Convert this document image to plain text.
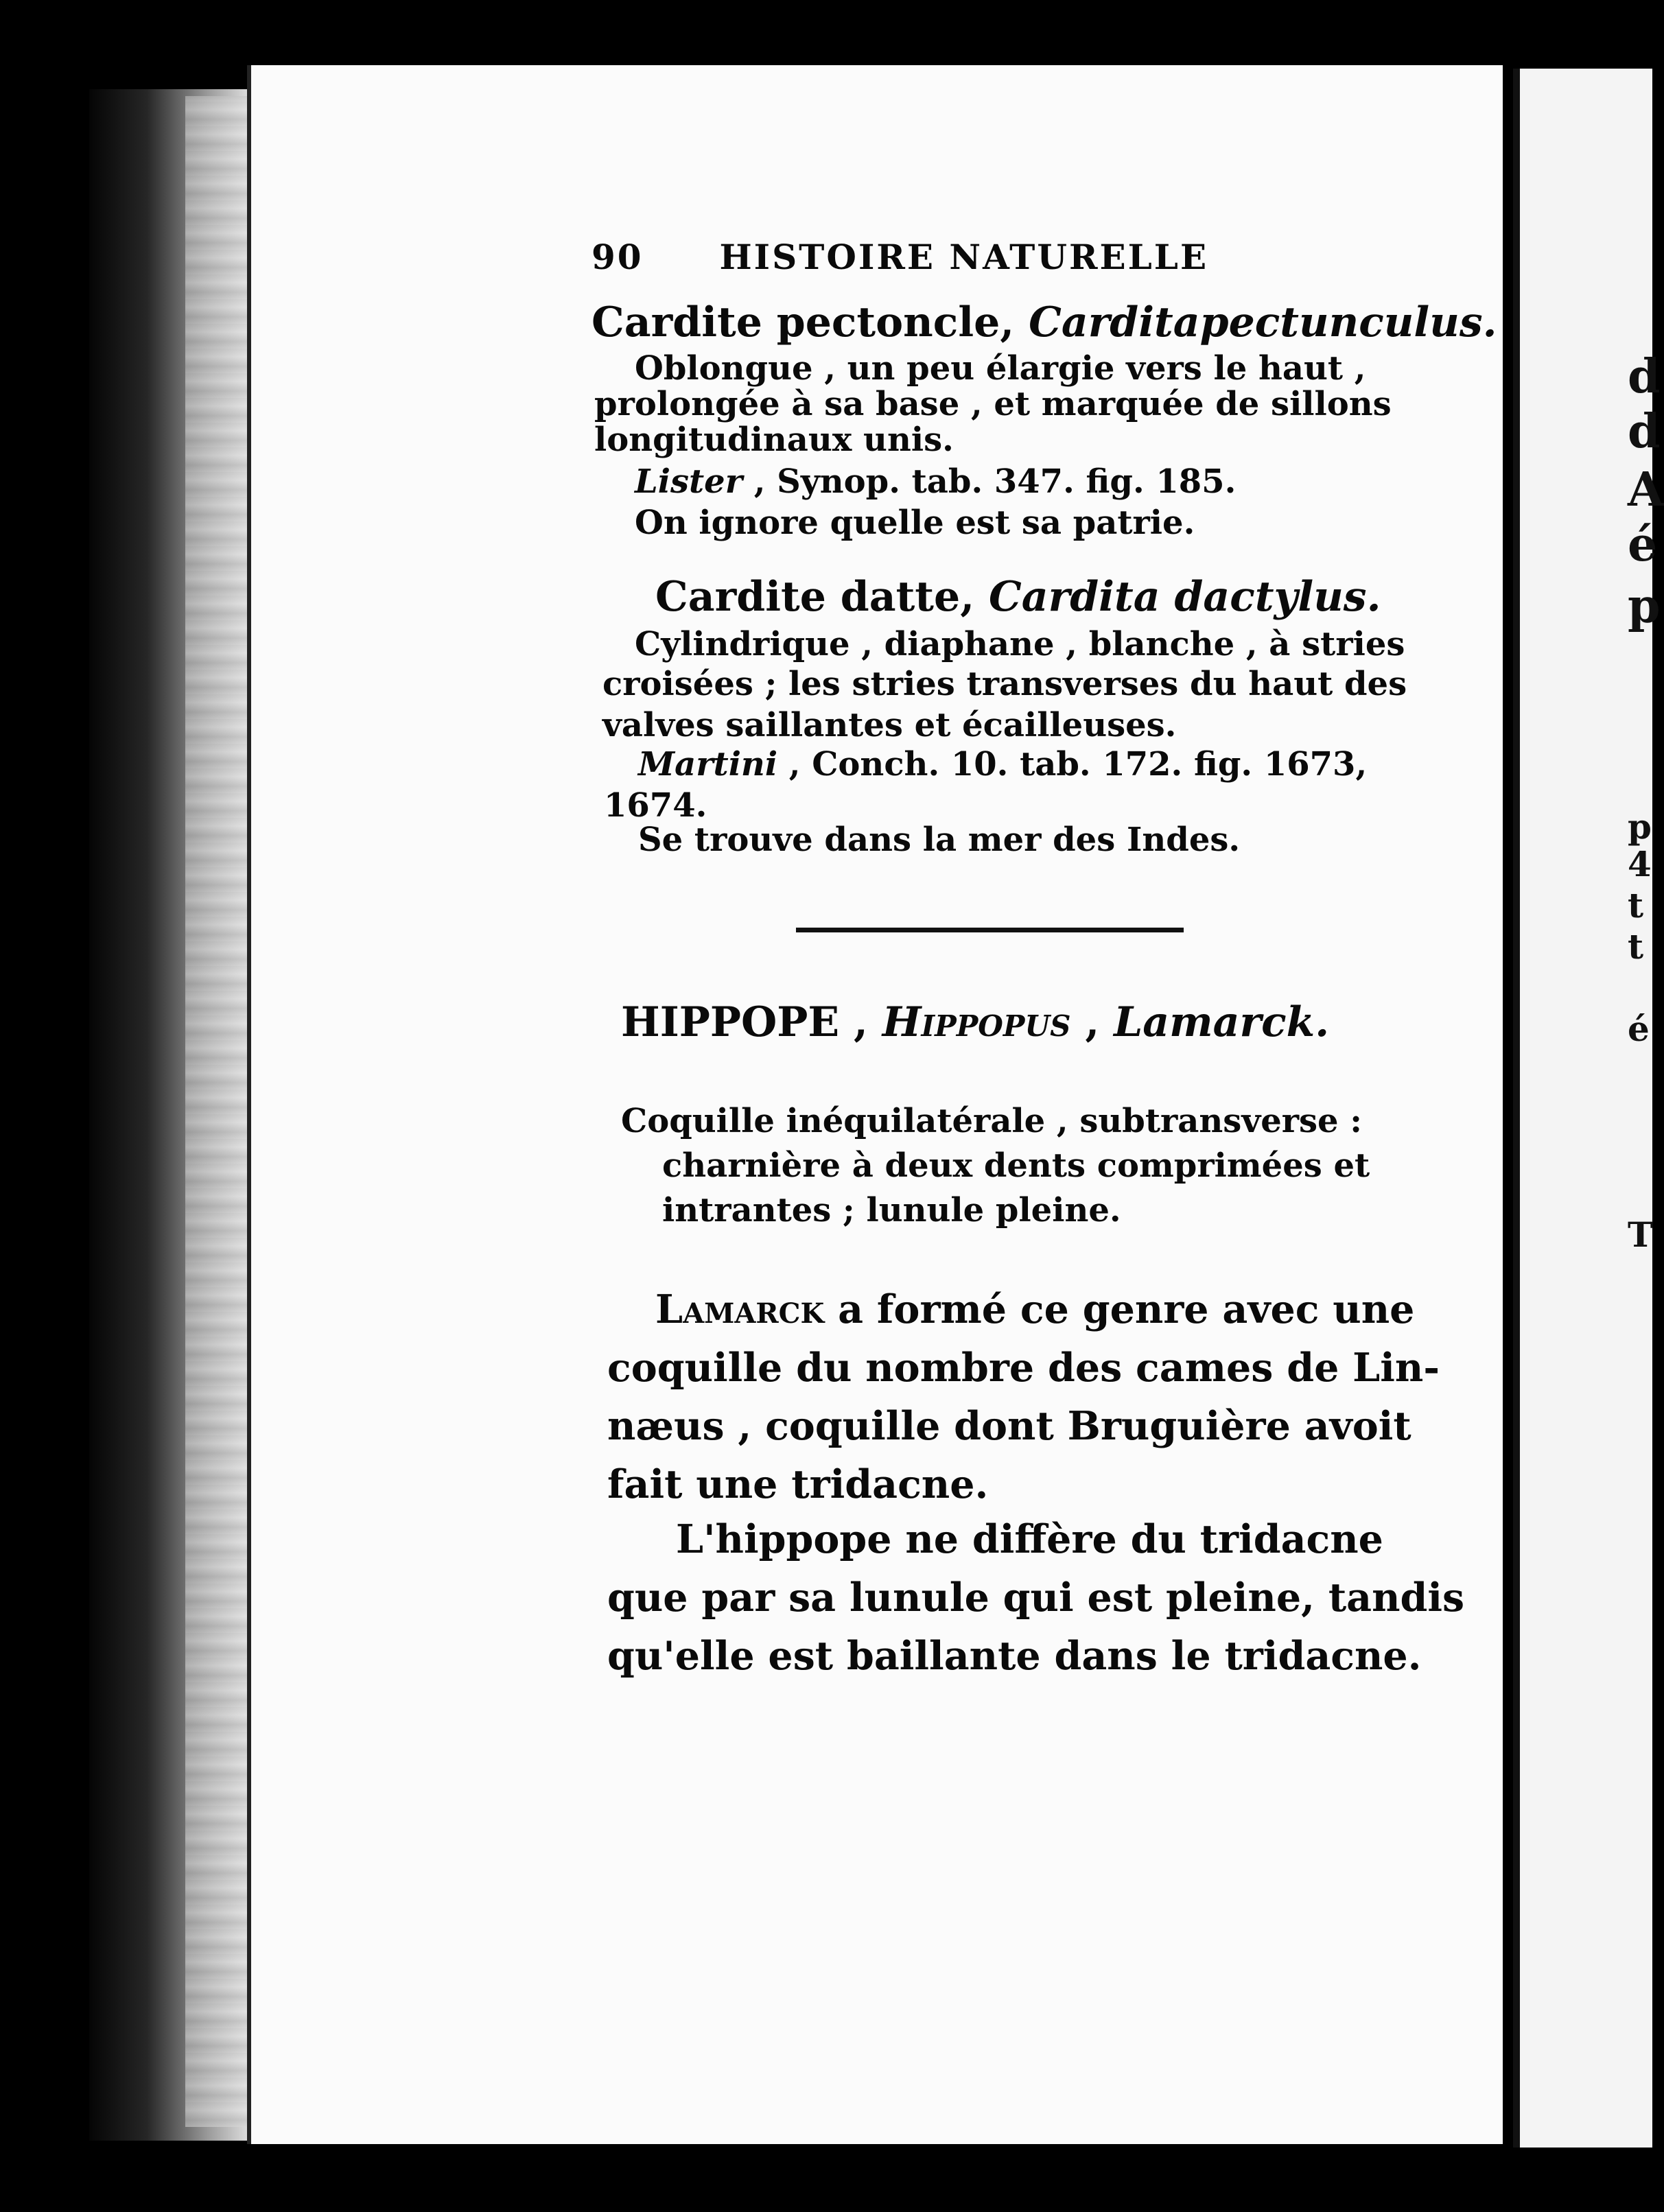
d
d
A
é
p
p
4
t
t
é
T
90 HISTOIRE NATURELLE
Cardite pectoncle, Carditapectunculus.
Oblongue , un peu élargie vers le haut ,
prolongée à sa base , et marquée de sillons
longitudinaux unis.
Lister , Synop. tab. 347. fig. 185.
On ignore quelle est sa patrie.
Cardite datte, Cardita dactylus.
Cylindrique , diaphane , blanche , à stries
croisées ; les stries transverses du haut des
valves saillantes et écailleuses.
Martini , Conch. 10. tab. 172. fig. 1673,
1674.
Se trouve dans la mer des Indes.
HIPPOPE , Hippopus , Lamarck.
Coquille inéquilatérale , subtransverse :
charnière à deux dents comprimées et
intrantes ; lunule pleine.
Lamarck a formé ce genre avec une
coquille du nombre des cames de Lin-
næus , coquille dont Bruguière avoit
fait une tridacne.
L'hippope ne diffère du tridacne
que par sa lunule qui est pleine, tandis
qu'elle est baillante dans le tridacne.
